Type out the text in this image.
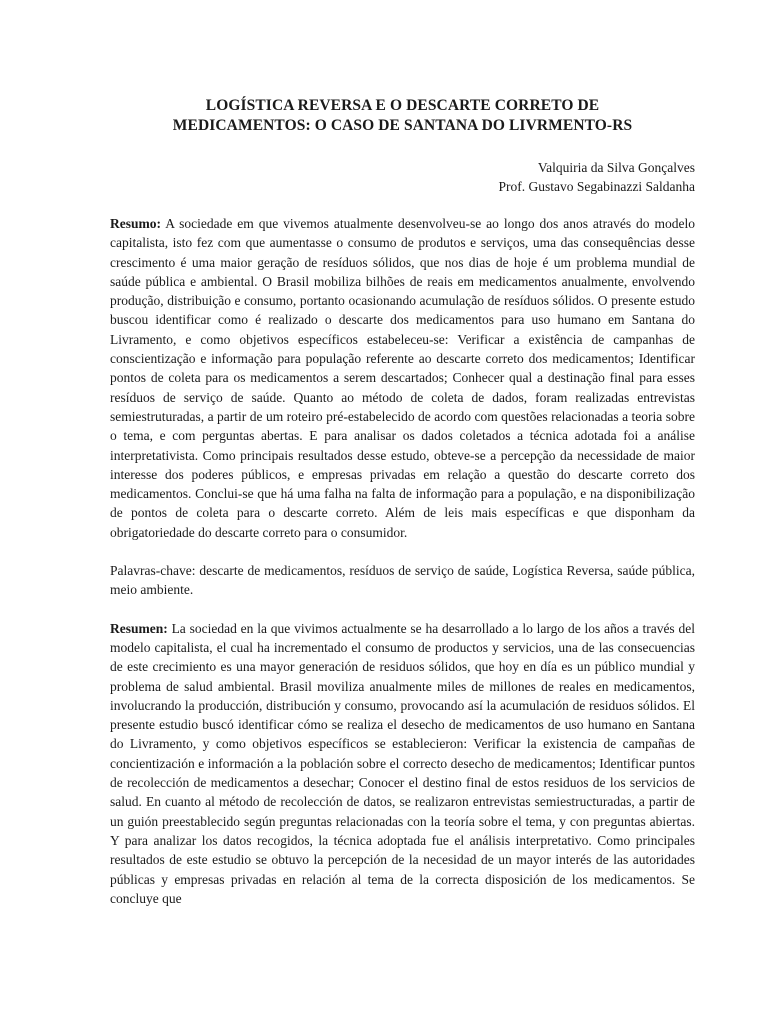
LOGÍSTICA REVERSA E O DESCARTE CORRETO DE
MEDICAMENTOS: O CASO DE SANTANA DO LIVRMENTO-RS
Valquiria da Silva Gonçalves
Prof. Gustavo Segabinazzi Saldanha

Resumo: A sociedade em que vivemos atualmente desenvolveu-se ao longo dos anos através do modelo capitalista, isto fez com que aumentasse o consumo de produtos e serviços, uma das consequências desse crescimento é uma maior geração de resíduos sólidos, que nos dias de hoje é um problema mundial de saúde pública e ambiental. O Brasil mobiliza bilhões de reais em medicamentos anualmente, envolvendo produção, distribuição e consumo, portanto ocasionando acumulação de resíduos sólidos. O presente estudo buscou identificar como é realizado o descarte dos medicamentos para uso humano em Santana do Livramento, e como objetivos específicos estabeleceu-se: Verificar a existência de campanhas de conscientização e informação para população referente ao descarte correto dos medicamentos; Identificar pontos de coleta para os medicamentos a serem descartados; Conhecer qual a destinação final para esses resíduos de serviço de saúde. Quanto ao método de coleta de dados, foram realizadas entrevistas semiestruturadas, a partir de um roteiro pré-estabelecido de acordo com questões relacionadas a teoria sobre o tema, e com perguntas abertas. E para analisar os dados coletados a técnica adotada foi a análise interpretativista. Como principais resultados desse estudo, obteve-se a percepção da necessidade de maior interesse dos poderes públicos, e empresas privadas em relação a questão do descarte correto dos medicamentos. Conclui-se que há uma falha na falta de informação para a população, e na disponibilização de pontos de coleta para o descarte correto. Além de leis mais específicas e que disponham da obrigatoriedade do descarte correto para o consumidor.

Palavras-chave: descarte de medicamentos, resíduos de serviço de saúde, Logística Reversa, saúde pública, meio ambiente.

Resumen: La sociedad en la que vivimos actualmente se ha desarrollado a lo largo de los años a través del modelo capitalista, el cual ha incrementado el consumo de productos y servicios, una de las consecuencias de este crecimiento es una mayor generación de residuos sólidos, que hoy en día es un público mundial y problema de salud ambiental. Brasil moviliza anualmente miles de millones de reales en medicamentos, involucrando la producción, distribución y consumo, provocando así la acumulación de residuos sólidos. El presente estudio buscó identificar cómo se realiza el desecho de medicamentos de uso humano en Santana do Livramento, y como objetivos específicos se establecieron: Verificar la existencia de campañas de concientización e información a la población sobre el correcto desecho de medicamentos; Identificar puntos de recolección de medicamentos a desechar; Conocer el destino final de estos residuos de los servicios de salud. En cuanto al método de recolección de datos, se realizaron entrevistas semiestructuradas, a partir de un guión preestablecido según preguntas relacionadas con la teoría sobre el tema, y con preguntas abiertas. Y para analizar los datos recogidos, la técnica adoptada fue el análisis interpretativo. Como principales resultados de este estudio se obtuvo la percepción de la necesidad de un mayor interés de las autoridades públicas y empresas privadas en relación al tema de la correcta disposición de los medicamentos. Se concluye que
